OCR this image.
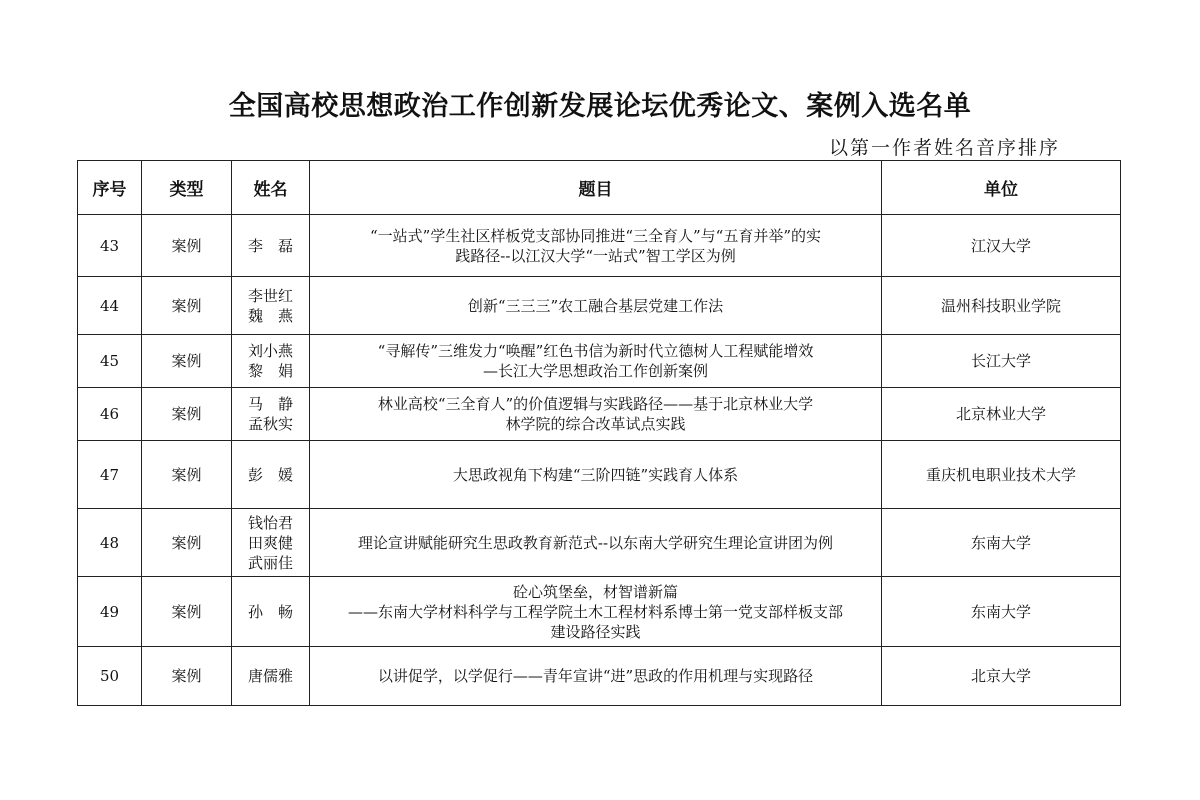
全国高校思想政治工作创新发展论坛优秀论文、案例入选名单
以第一作者姓名音序排序
序号	类型	姓名	题目	单位
43	案例	李　磊	“一站式”学生社区样板党支部协同推进“三全育人”与“五育并举”的实
践路径--以江汉大学“一站式”智工学区为例	江汉大学
44	案例	李世红
魏　燕	创新“三三三”农工融合基层党建工作法	温州科技职业学院
45	案例	刘小燕
黎　娟	“寻解传”三维发力“唤醒”红色书信为新时代立德树人工程赋能增效
—长江大学思想政治工作创新案例	长江大学
46	案例	马　静
孟秋实	林业高校“三全育人”的价值逻辑与实践路径——基于北京林业大学
林学院的综合改革试点实践	北京林业大学
47	案例	彭　媛	大思政视角下构建“三阶四链”实践育人体系	重庆机电职业技术大学
48	案例	钱怡君
田爽健
武丽佳	理论宣讲赋能研究生思政教育新范式--以东南大学研究生理论宣讲团为例	东南大学
49	案例	孙　畅	砼心筑堡垒，材智谱新篇
——东南大学材料科学与工程学院土木工程材料系博士第一党支部样板支部
建设路径实践	东南大学
50	案例	唐儒雅	以讲促学，以学促行——青年宣讲“进”思政的作用机理与实现路径	北京大学
